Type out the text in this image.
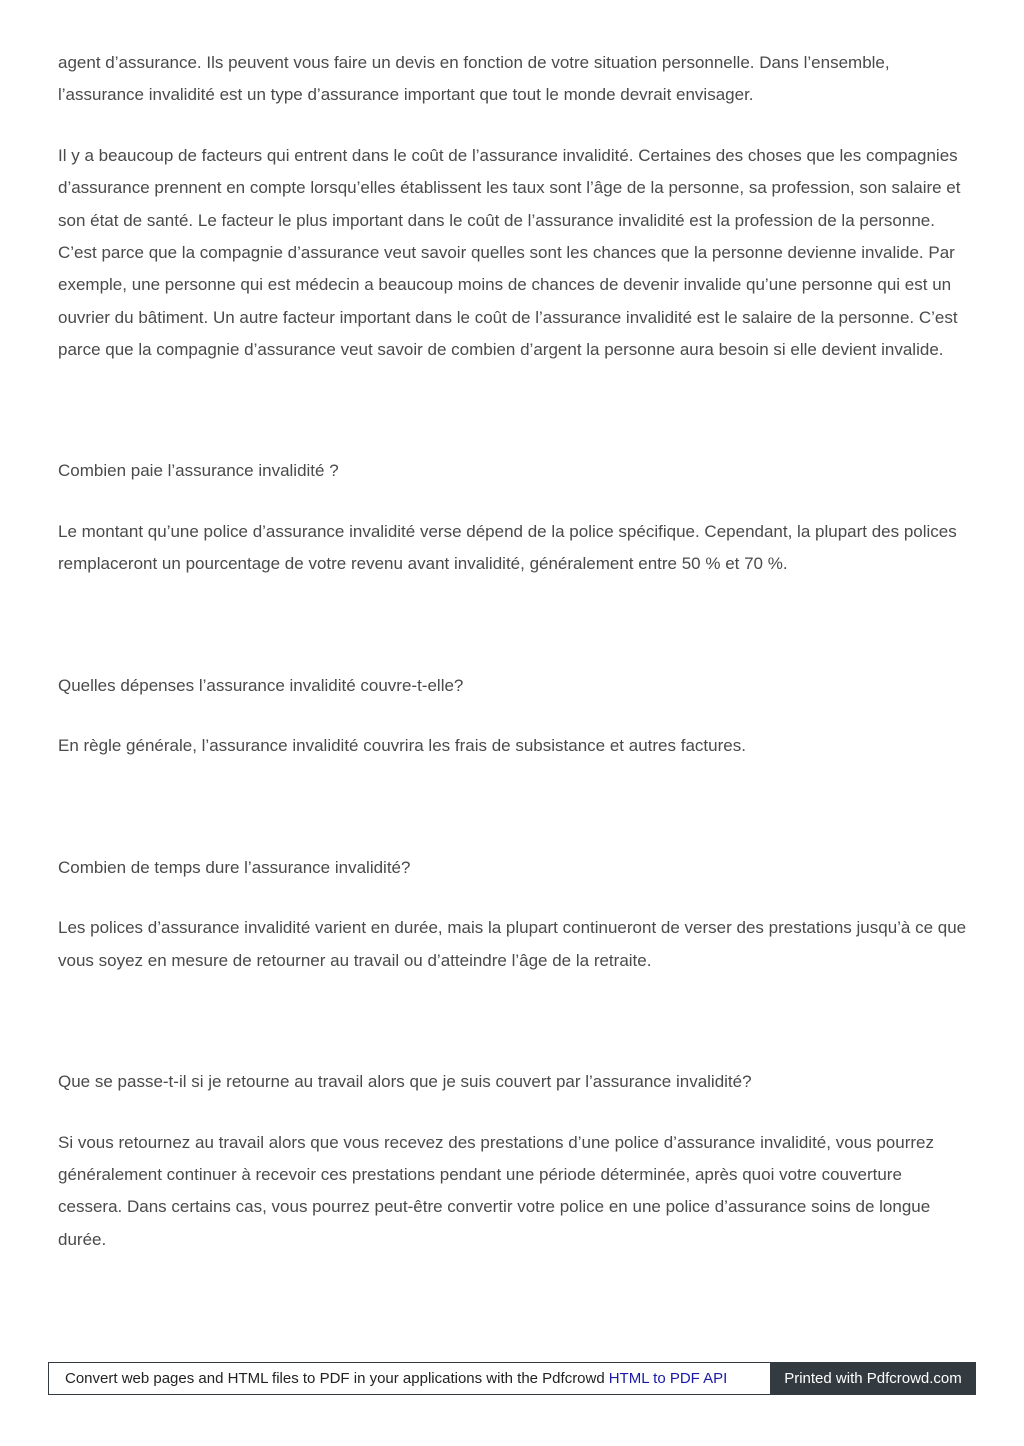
agent d’assurance. Ils peuvent vous faire un devis en fonction de votre situation personnelle. Dans l’ensemble, l’assurance invalidité est un type d’assurance important que tout le monde devrait envisager.

Il y a beaucoup de facteurs qui entrent dans le coût de l’assurance invalidité. Certaines des choses que les compagnies d’assurance prennent en compte lorsqu’elles établissent les taux sont l’âge de la personne, sa profession, son salaire et son état de santé. Le facteur le plus important dans le coût de l’assurance invalidité est la profession de la personne. C’est parce que la compagnie d’assurance veut savoir quelles sont les chances que la personne devienne invalide. Par exemple, une personne qui est médecin a beaucoup moins de chances de devenir invalide qu’une personne qui est un ouvrier du bâtiment. Un autre facteur important dans le coût de l’assurance invalidité est le salaire de la personne. C’est parce que la compagnie d’assurance veut savoir de combien d’argent la personne aura besoin si elle devient invalide.

Combien paie l’assurance invalidité ?

Le montant qu’une police d’assurance invalidité verse dépend de la police spécifique. Cependant, la plupart des polices remplaceront un pourcentage de votre revenu avant invalidité, généralement entre 50 % et 70 %.

Quelles dépenses l’assurance invalidité couvre-t-elle?

En règle générale, l’assurance invalidité couvrira les frais de subsistance et autres factures.

Combien de temps dure l’assurance invalidité?

Les polices d’assurance invalidité varient en durée, mais la plupart continueront de verser des prestations jusqu’à ce que vous soyez en mesure de retourner au travail ou d’atteindre l’âge de la retraite.

Que se passe-t-il si je retourne au travail alors que je suis couvert par l’assurance invalidité?

Si vous retournez au travail alors que vous recevez des prestations d’une police d’assurance invalidité, vous pourrez généralement continuer à recevoir ces prestations pendant une période déterminée, après quoi votre couverture cessera. Dans certains cas, vous pourrez peut-être convertir votre police en une police d’assurance soins de longue durée.

Convert web pages and HTML files to PDF in your applications with the Pdfcrowd HTML to PDF API	Printed with Pdfcrowd.com
